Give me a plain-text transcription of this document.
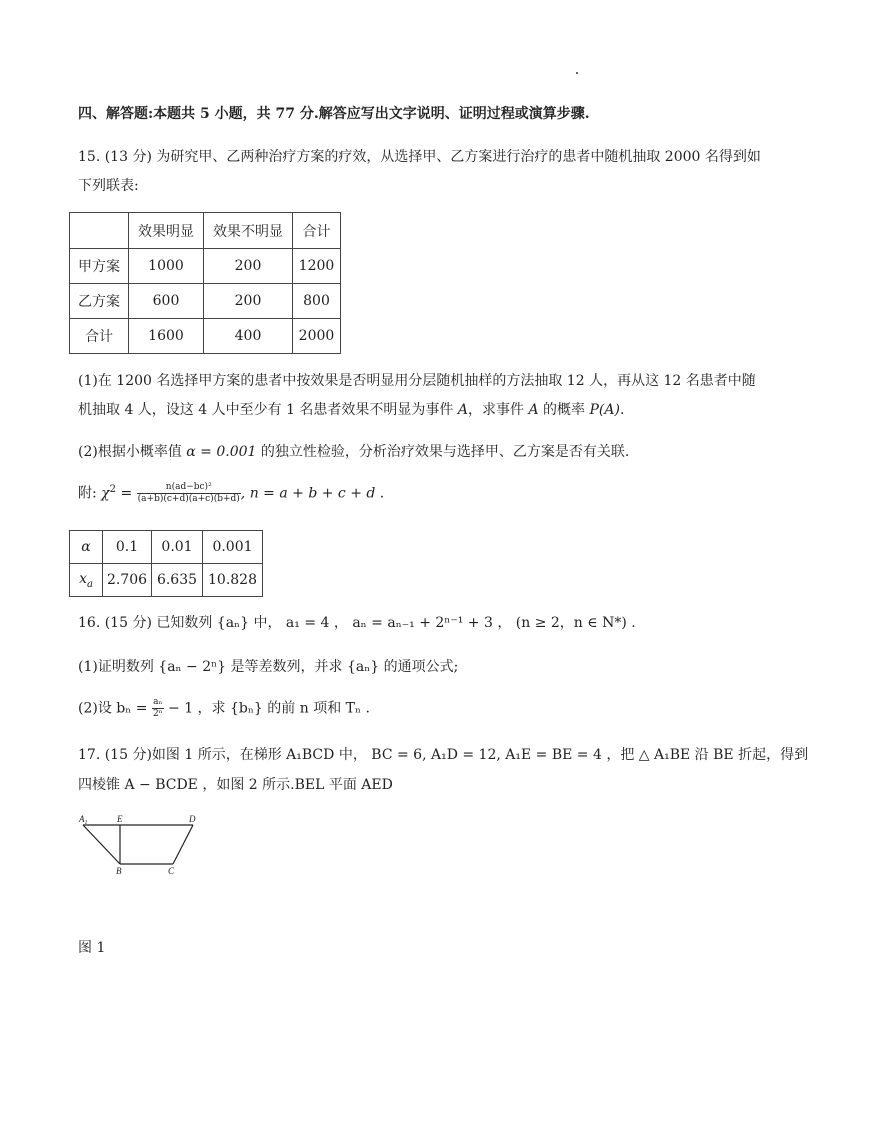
四、解答题:本题共 5 小题，共 77 分.解答应写出文字说明、证明过程或演算步骤.
15. (13 分) 为研究甲、乙两种治疗方案的疗效，从选择甲、乙方案进行治疗的患者中随机抽取 2000 名得到如
下列联表:
	效果明显	效果不明显	合计
甲方案	1000	200	1200
乙方案	600	200	800
合计	1600	400	2000
(1)在 1200 名选择甲方案的患者中按效果是否明显用分层随机抽样的方法抽取 12 人，再从这 12 名患者中随
机抽取 4 人，设这 4 人中至少有 1 名患者效果不明显为事件 A，求事件 A 的概率 P(A).
(2)根据小概率值 α = 0.001 的独立性检验，分析治疗效果与选择甲、乙方案是否有关联.
附: $\chi^2 = \frac{\text{n(ad−bc)²}}{(a+b)(c+d)(a+c)(b+d)}$ , n = a + b + c + d .
α	0.1	0.01	0.001
$x_a$	2.706	6.635	10.828
16. (15 分) 已知数列 {aₙ} 中， a₁ = 4 ， aₙ = aₙ₋₁ + 2ⁿ⁻¹ + 3 ， (n ≥ 2，n ∈ N*) .
(1)证明数列 {aₙ − 2ⁿ} 是等差数列，并求 {aₙ} 的通项公式;
(2)设 $b_n = \frac{\text{aₙ}}{\text{2ⁿ}} - 1$ ，求 {bₙ} 的前 n 项和 Tₙ .
17. (15 分)如图 1 所示，在梯形 A₁BCD 中， BC = 6, A₁D = 12, A₁E = BE = 4 ，把 △ A₁BE 沿 BE 折起，得到
四棱锥 A − BCDE ，如图 2 所示.BEL 平面 AED
$A_1$	E	D
B	C
图 1
